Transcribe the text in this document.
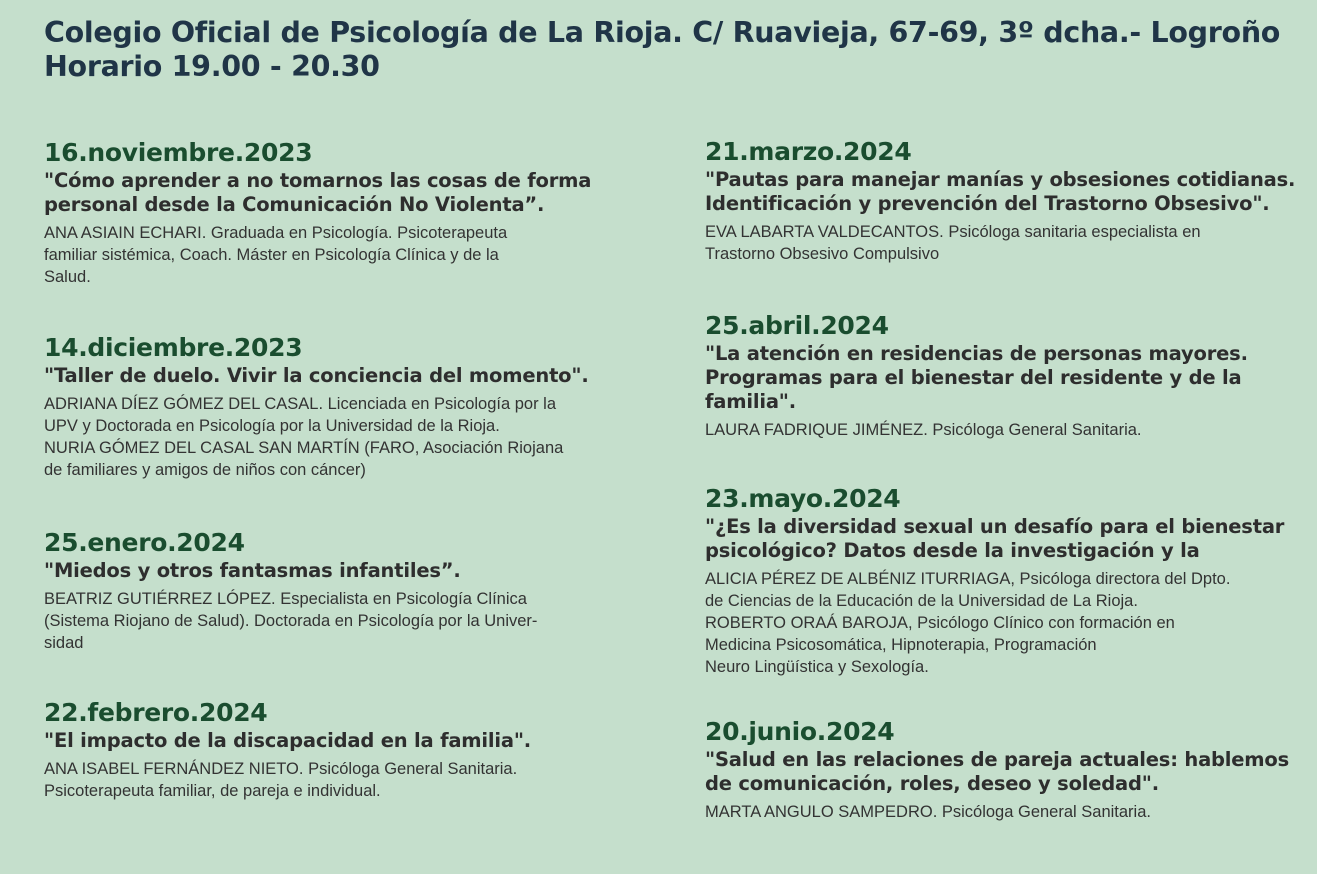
Colegio Oficial de Psicología de La Rioja. C/ Ruavieja, 67-69, 3º dcha.- Logroño
Horario 19.00 - 20.30
16.noviembre.2023
"Cómo aprender a no tomarnos las cosas de forma personal desde la Comunicación No Violenta”.
ANA ASIAIN ECHARI. Graduada en Psicología. Psicoterapeuta
familiar sistémica, Coach. Máster en Psicología Clínica y de la
Salud.
14.diciembre.2023
"Taller de duelo. Vivir la conciencia del momento".
ADRIANA DÍEZ GÓMEZ DEL CASAL. Licenciada en Psicología por la
UPV y Doctorada en Psicología por la Universidad de la Rioja.
NURIA GÓMEZ DEL CASAL SAN MARTÍN (FARO, Asociación Riojana
de familiares y amigos de niños con cáncer)
25.enero.2024
"Miedos y otros fantasmas infantiles”.
BEATRIZ GUTIÉRREZ LÓPEZ. Especialista en Psicología Clínica
(Sistema Riojano de Salud). Doctorada en Psicología por la Univer-
sidad
22.febrero.2024
"El impacto de la discapacidad en la familia".
ANA ISABEL FERNÁNDEZ NIETO. Psicóloga General Sanitaria.
Psicoterapeuta familiar, de pareja e individual.
21.marzo.2024
"Pautas para manejar manías y obsesiones cotidianas. Identificación y prevención del Trastorno Obsesivo".
EVA LABARTA VALDECANTOS. Psicóloga sanitaria especialista en
Trastorno Obsesivo Compulsivo
25.abril.2024
"La atención en residencias de personas mayores. Programas para el bienestar del residente y de la familia".
LAURA FADRIQUE JIMÉNEZ. Psicóloga General Sanitaria.
23.mayo.2024
"¿Es la diversidad sexual un desafío para el bienestar psicológico? Datos desde la investigación y la
ALICIA PÉREZ DE ALBÉNIZ ITURRIAGA, Psicóloga directora del Dpto.
de Ciencias de la Educación de la Universidad de La Rioja.
ROBERTO ORAÁ BAROJA, Psicólogo Clínico con formación en
Medicina Psicosomática, Hipnoterapia, Programación
Neuro Lingüística y Sexología.
20.junio.2024
"Salud en las relaciones de pareja actuales: hablemos de comunicación, roles, deseo y soledad".
MARTA ANGULO SAMPEDRO. Psicóloga General Sanitaria.
